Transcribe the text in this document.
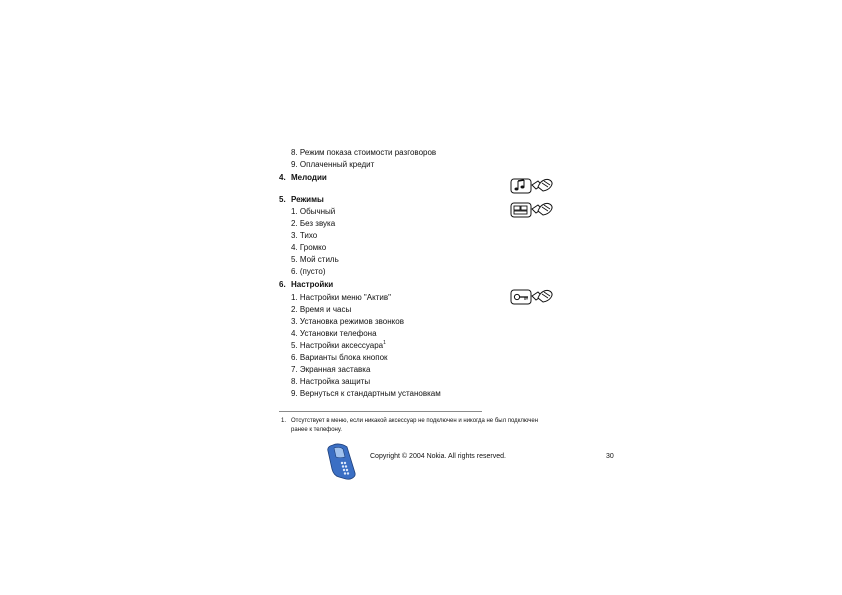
8. Режим показа стоимости разговоров
9. Оплаченный кредит
4. Мелодии
5. Режимы
1. Обычный
2. Без звука
3. Тихо
4. Громко
5. Мой стиль
6. (пусто)
6. Настройки
1. Настройки меню "Актив"
2. Время и часы
3. Установка режимов звонков
4. Установки телефона
5. Настройки аксессуара$^1$
6. Варианты блока кнопок
7. Экранная заставка
8. Настройка защиты
9. Вернуться к стандартным установкам
1. Отсутствует в меню, если никакой аксессуар не подключен и никогда не был подключен
ранее к телефону.
Copyright © 2004 Nokia. All rights reserved.	30
